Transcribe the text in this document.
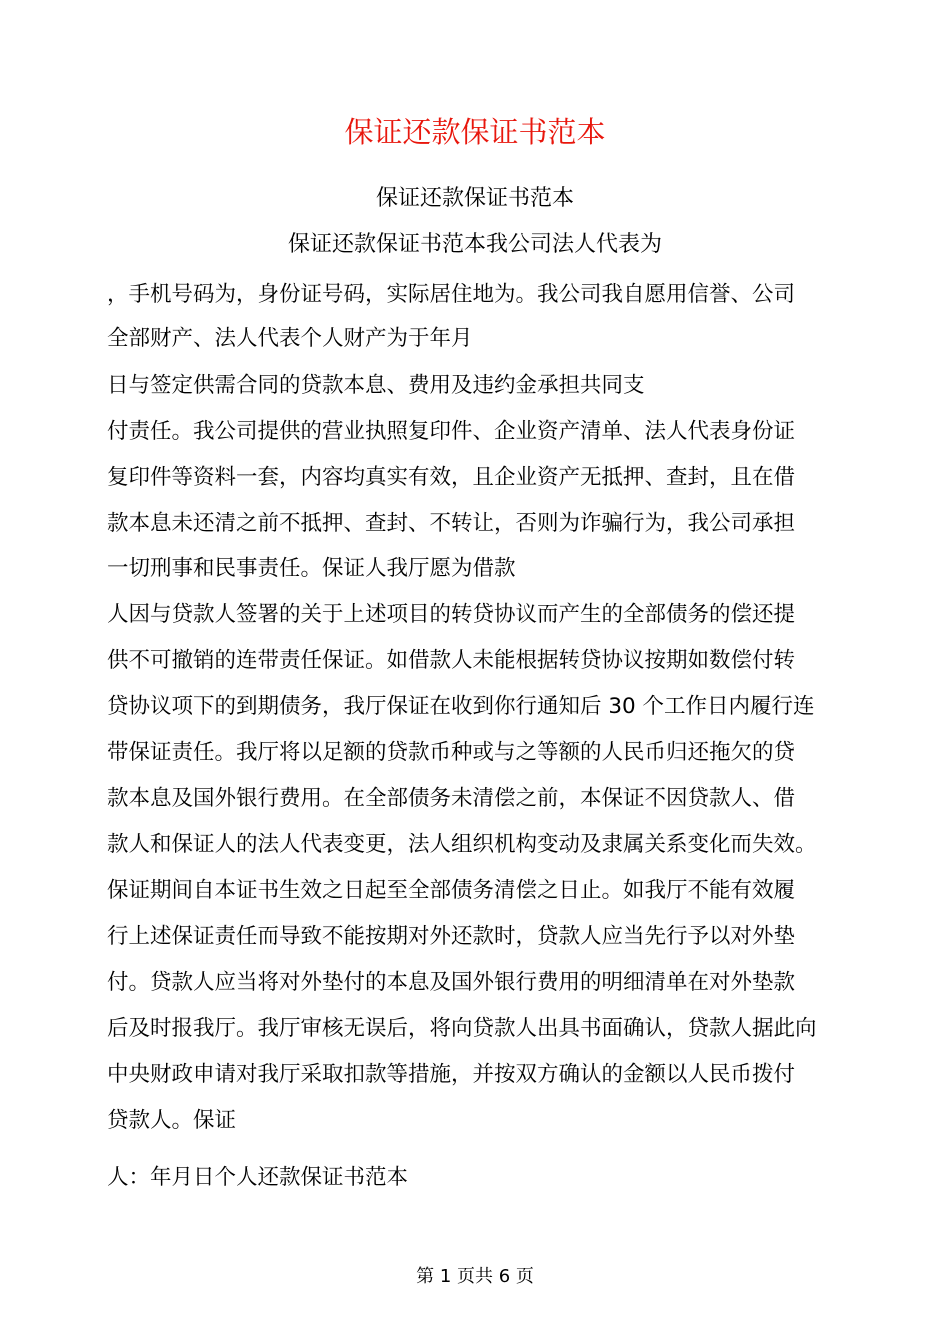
保证还款保证书范本
保证还款保证书范本
保证还款保证书范本我公司法人代表为
，手机号码为，身份证号码，实际居住地为。我公司我自愿用信誉、公司
全部财产、法人代表个人财产为于年月
日与签定供需合同的贷款本息、费用及违约金承担共同支
付责任。我公司提供的营业执照复印件、企业资产清单、法人代表身份证
复印件等资料一套，内容均真实有效，且企业资产无抵押、查封，且在借
款本息未还清之前不抵押、查封、不转让，否则为诈骗行为，我公司承担
一切刑事和民事责任。保证人我厅愿为借款
人因与贷款人签署的关于上述项目的转贷协议而产生的全部债务的偿还提
供不可撤销的连带责任保证。如借款人未能根据转贷协议按期如数偿付转
贷协议项下的到期债务，我厅保证在收到你行通知后 30 个工作日内履行连
带保证责任。我厅将以足额的贷款币种或与之等额的人民币归还拖欠的贷
款本息及国外银行费用。在全部债务未清偿之前，本保证不因贷款人、借
款人和保证人的法人代表变更，法人组织机构变动及隶属关系变化而失效。
保证期间自本证书生效之日起至全部债务清偿之日止。如我厅不能有效履
行上述保证责任而导致不能按期对外还款时，贷款人应当先行予以对外垫
付。贷款人应当将对外垫付的本息及国外银行费用的明细清单在对外垫款
后及时报我厅。我厅审核无误后，将向贷款人出具书面确认，贷款人据此向
中央财政申请对我厅采取扣款等措施，并按双方确认的金额以人民币拨付
贷款人。保证
人：年月日个人还款保证书范本
第 1 页共 6 页
